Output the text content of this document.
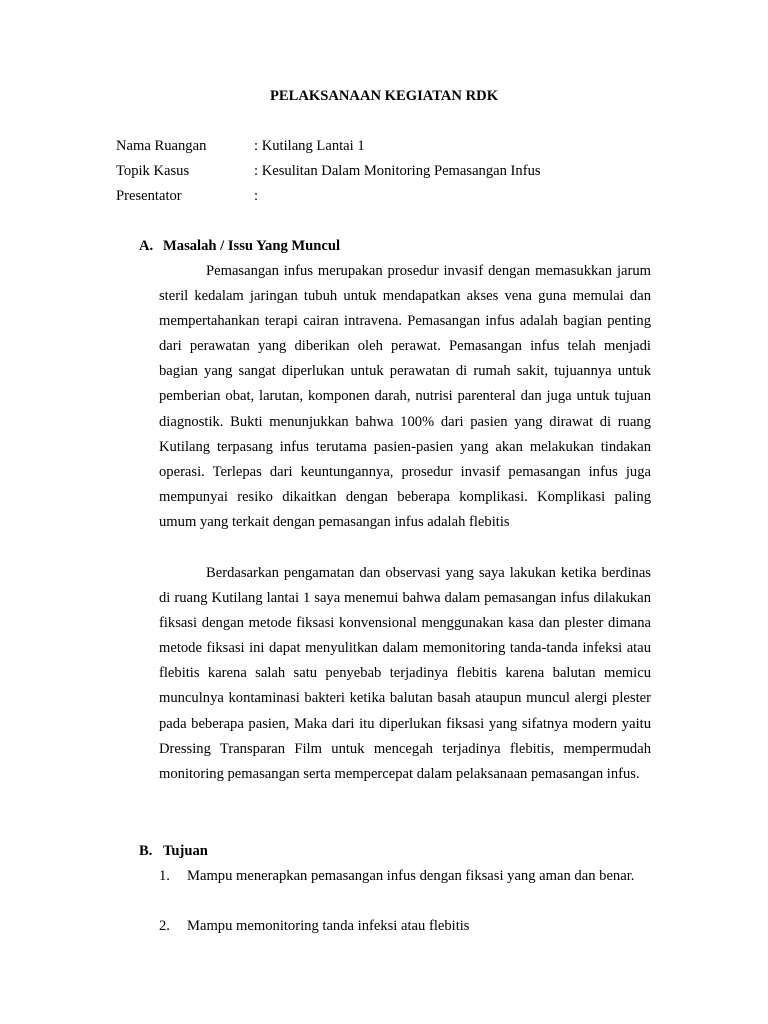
PELAKSANAAN KEGIATAN RDK
Nama Ruangan	: Kutilang Lantai 1
Topik Kasus	: Kesulitan Dalam Monitoring Pemasangan Infus
Presentator	:
A. Masalah / Issu Yang Muncul

Pemasangan infus merupakan prosedur invasif dengan memasukkan jarum steril kedalam jaringan tubuh untuk mendapatkan akses vena guna memulai dan mempertahankan terapi cairan intravena. Pemasangan infus adalah bagian penting dari perawatan yang diberikan oleh perawat. Pemasangan infus telah menjadi bagian yang sangat diperlukan untuk perawatan di rumah sakit, tujuannya untuk pemberian obat, larutan, komponen darah, nutrisi parenteral dan juga untuk tujuan diagnostik. Bukti menunjukkan bahwa 100% dari pasien yang dirawat di ruang Kutilang terpasang infus terutama pasien-pasien yang akan melakukan tindakan operasi. Terlepas dari keuntungannya, prosedur invasif pemasangan infus juga mempunyai resiko dikaitkan dengan beberapa komplikasi. Komplikasi paling umum yang terkait dengan pemasangan infus adalah flebitis

Berdasarkan pengamatan dan observasi yang saya lakukan ketika berdinas di ruang Kutilang lantai 1 saya menemui bahwa dalam pemasangan infus dilakukan fiksasi dengan metode fiksasi konvensional menggunakan kasa dan plester dimana metode fiksasi ini dapat menyulitkan dalam memonitoring tanda-tanda infeksi atau flebitis karena salah satu penyebab terjadinya flebitis karena balutan memicu munculnya kontaminasi bakteri ketika balutan basah ataupun muncul alergi plester pada beberapa pasien, Maka dari itu diperlukan fiksasi yang sifatnya modern yaitu Dressing Transparan Film untuk mencegah terjadinya flebitis, mempermudah monitoring pemasangan serta mempercepat dalam pelaksanaan pemasangan infus.

B. Tujuan
1. Mampu menerapkan pemasangan infus dengan fiksasi yang aman dan benar.
2. Mampu memonitoring tanda infeksi atau flebitis
